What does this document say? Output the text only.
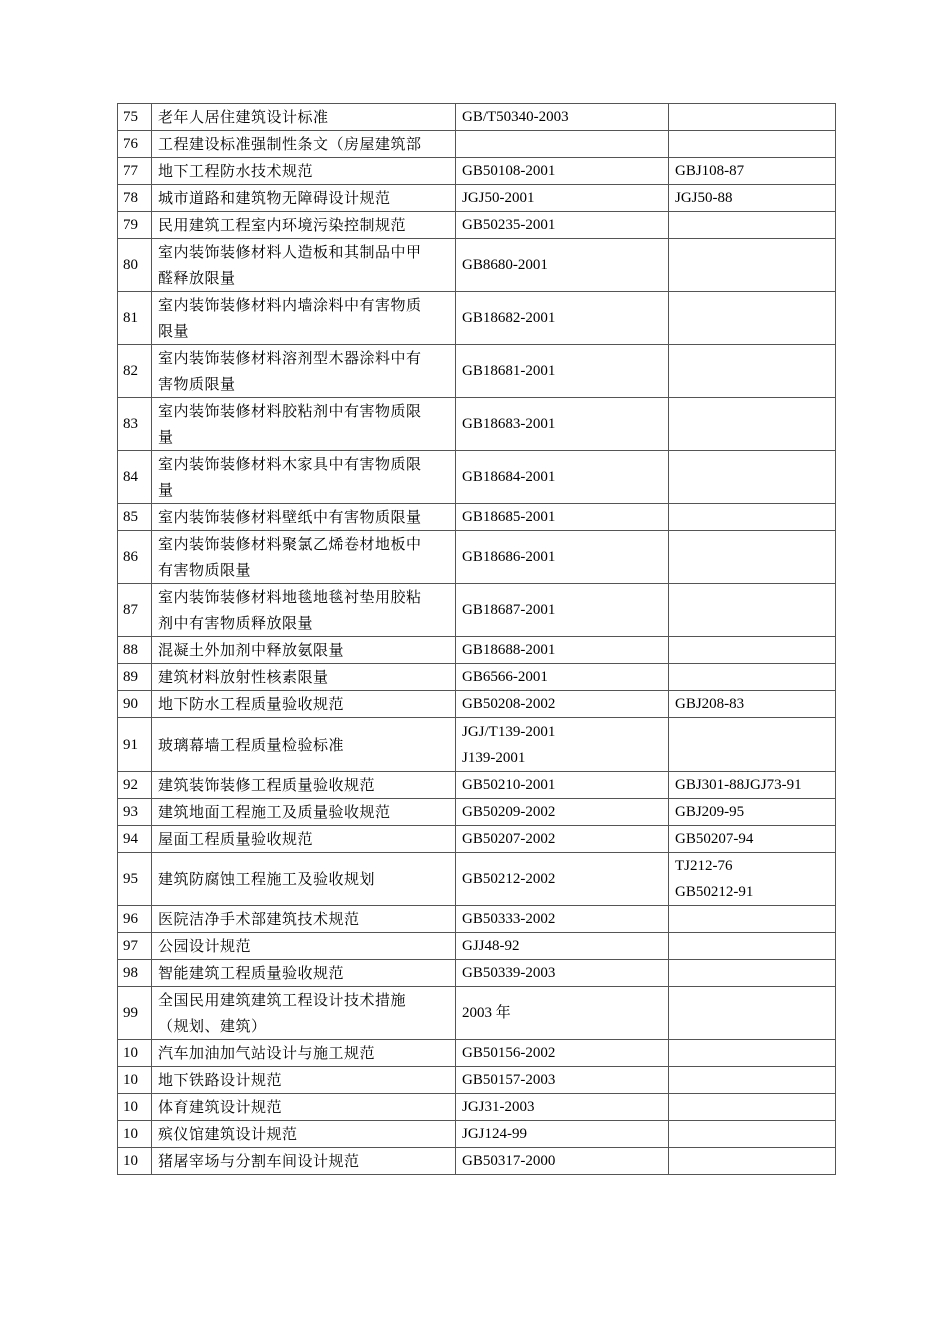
75	老年人居住建筑设计标准	GB/T50340-2003	

76	工程建设标准强制性条文（房屋建筑部		

77	地下工程防水技术规范	GB50108-2001	GBJ108-87

78	城市道路和建筑物无障碍设计规范	JGJ50-2001	JGJ50-88

79	民用建筑工程室内环境污染控制规范	GB50235-2001	

80	室内装饰装修材料人造板和其制品中甲
醛释放限量	GB8680-2001	

81	室内装饰装修材料内墙涂料中有害物质
限量	GB18682-2001	

82	室内装饰装修材料溶剂型木器涂料中有
害物质限量	GB18681-2001	

83	室内装饰装修材料胶粘剂中有害物质限
量	GB18683-2001	

84	室内装饰装修材料木家具中有害物质限
量	GB18684-2001	

85	室内装饰装修材料壁纸中有害物质限量	GB18685-2001	

86	室内装饰装修材料聚氯乙烯卷材地板中
有害物质限量	GB18686-2001	

87	室内装饰装修材料地毯地毯衬垫用胶粘
剂中有害物质释放限量	GB18687-2001	

88	混凝土外加剂中释放氨限量	GB18688-2001	

89	建筑材料放射性核素限量	GB6566-2001	

90	地下防水工程质量验收规范	GB50208-2002	GBJ208-83

91	玻璃幕墙工程质量检验标准	JGJ/T139-2001
J139-2001	

92	建筑装饰装修工程质量验收规范	GB50210-2001	GBJ301-88JGJ73-91

93	建筑地面工程施工及质量验收规范	GB50209-2002	GBJ209-95

94	屋面工程质量验收规范	GB50207-2002	GB50207-94

95	建筑防腐蚀工程施工及验收规划	GB50212-2002	TJ212-76
GB50212-91

96	医院洁净手术部建筑技术规范	GB50333-2002	

97	公园设计规范	GJJ48-92	

98	智能建筑工程质量验收规范	GB50339-2003	

99	全国民用建筑建筑工程设计技术措施
（规划、建筑）	2003 年	

10	汽车加油加气站设计与施工规范	GB50156-2002	

10	地下铁路设计规范	GB50157-2003	

10	体育建筑设计规范	JGJ31-2003	

10	殡仪馆建筑设计规范	JGJ124-99	

10	猪屠宰场与分割车间设计规范	GB50317-2000	
